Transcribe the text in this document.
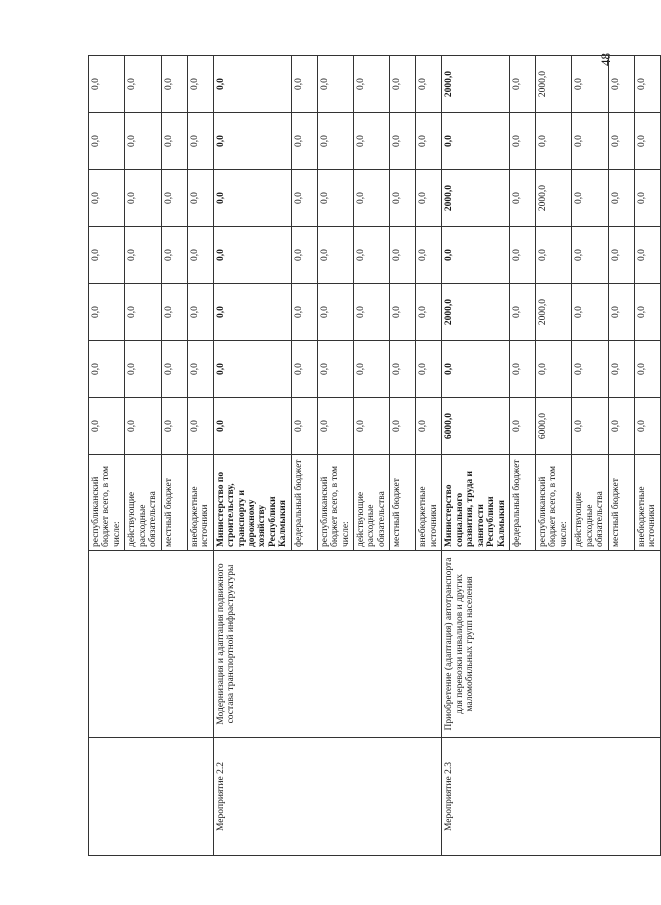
48
		республиканский бюджет всего, в том числе:	0,0	0,0	0,0	0,0	0,0	0,0	0,0
		действующие расходные обязательства	0,0	0,0	0,0	0,0	0,0	0,0	0,0
		местный бюджет	0,0	0,0	0,0	0,0	0,0	0,0	0,0
		внебюджетные источники	0,0	0,0	0,0	0,0	0,0	0,0	0,0
Мероприятие 2.2	Модернизация и адаптация подвижного состава транспортной инфраструктуры	Министерство по строительству, транспорту и дорожному хозяйству Республики Калмыкия	0,0	0,0	0,0	0,0	0,0	0,0	0,0
		федеральный бюджет	0,0	0,0	0,0	0,0	0,0	0,0	0,0
		республиканский бюджет всего, в том числе:	0,0	0,0	0,0	0,0	0,0	0,0	0,0
		действующие расходные обязательства	0,0	0,0	0,0	0,0	0,0	0,0	0,0
		местный бюджет	0,0	0,0	0,0	0,0	0,0	0,0	0,0
		внебюджетные источники	0,0	0,0	0,0	0,0	0,0	0,0	0,0
Мероприятие 2.3	Приобретение (адаптация) автотранспорта для перевозки инвалидов и других маломобильных групп населения	Министерство социального развития, труда и занятости Республики Калмыкия	6000,0	0,0	2000,0	0,0	2000,0	0,0	2000,0
		федеральный бюджет	0,0	0,0	0,0	0,0	0,0	0,0	0,0
		республиканский бюджет всего, в том числе:	6000,0	0,0	2000,0	0,0	2000,0	0,0	2000,0
		действующие расходные обязательства	0,0	0,0	0,0	0,0	0,0	0,0	0,0
		местный бюджет	0,0	0,0	0,0	0,0	0,0	0,0	0,0
		внебюджетные источники	0,0	0,0	0,0	0,0	0,0	0,0	0,0
